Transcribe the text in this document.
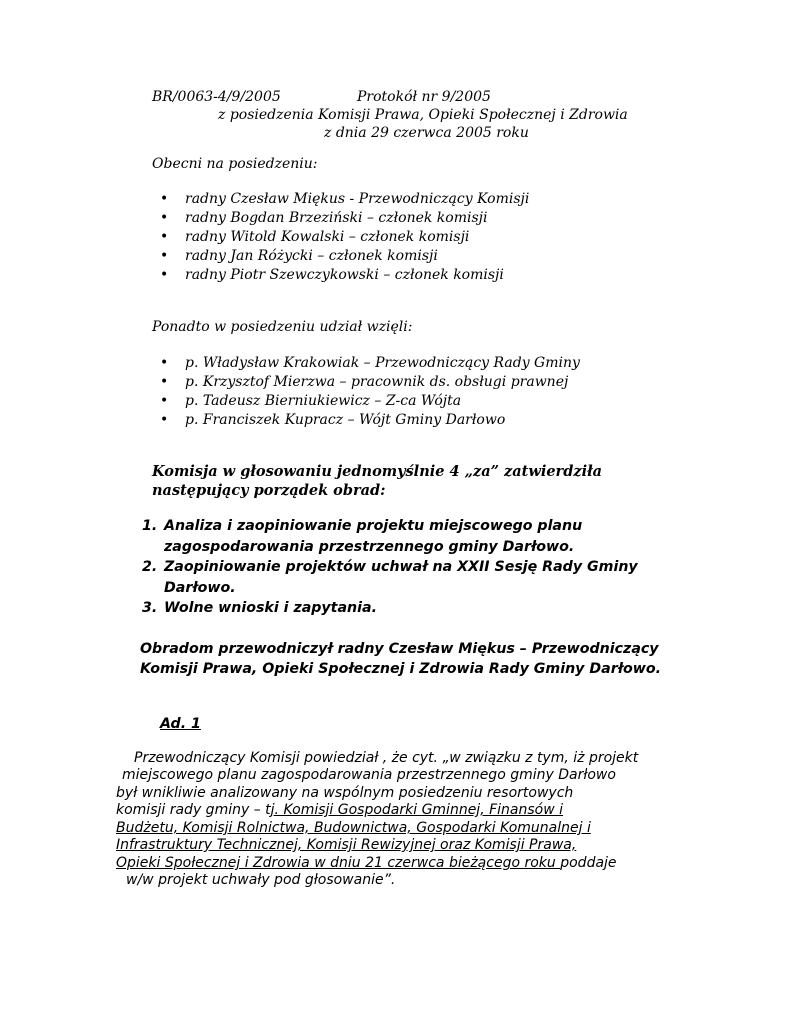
BR/0063-4/9/2005	Protokół nr 9/2005
z posiedzenia Komisji Prawa, Opieki Społecznej i Zdrowia
z dnia 29 czerwca 2005 roku
Obecni na posiedzeniu:
• radny Czesław Miękus - Przewodniczący Komisji
• radny Bogdan Brzeziński – członek komisji
• radny Witold Kowalski – członek komisji
• radny Jan Różycki – członek komisji
• radny Piotr Szewczykowski – członek komisji
Ponadto w posiedzeniu udział wzięli:
• p. Władysław Krakowiak – Przewodniczący Rady Gminy
• p. Krzysztof Mierzwa – pracownik ds. obsługi prawnej
• p. Tadeusz Bierniukiewicz – Z-ca Wójta
• p. Franciszek Kupracz – Wójt Gminy Darłowo
Komisja w głosowaniu jednomyślnie 4 „za” zatwierdziła
następujący porządek obrad:
1. Analiza i zaopiniowanie projektu miejscowego planu
zagospodarowania przestrzennego gminy Darłowo.
2. Zaopiniowanie projektów uchwał na XXII Sesję Rady Gminy
Darłowo.
3. Wolne wnioski i zapytania.
Obradom przewodniczył radny Czesław Miękus – Przewodniczący
Komisji Prawa, Opieki Społecznej i Zdrowia Rady Gminy Darłowo.
Ad. 1
Przewodniczący Komisji powiedział , że cyt. „w związku z tym, iż projekt
miejscowego planu zagospodarowania przestrzennego gminy Darłowo
był wnikliwie analizowany na wspólnym posiedzeniu resortowych
komisji rady gminy – tj. Komisji Gospodarki Gminnej, Finansów i
Budżetu, Komisji Rolnictwa, Budownictwa, Gospodarki Komunalnej i
Infrastruktury Technicznej, Komisji Rewizyjnej oraz Komisji Prawa,
Opieki Społecznej i Zdrowia w dniu 21 czerwca bieżącego roku poddaje
w/w projekt uchwały pod głosowanie”.
